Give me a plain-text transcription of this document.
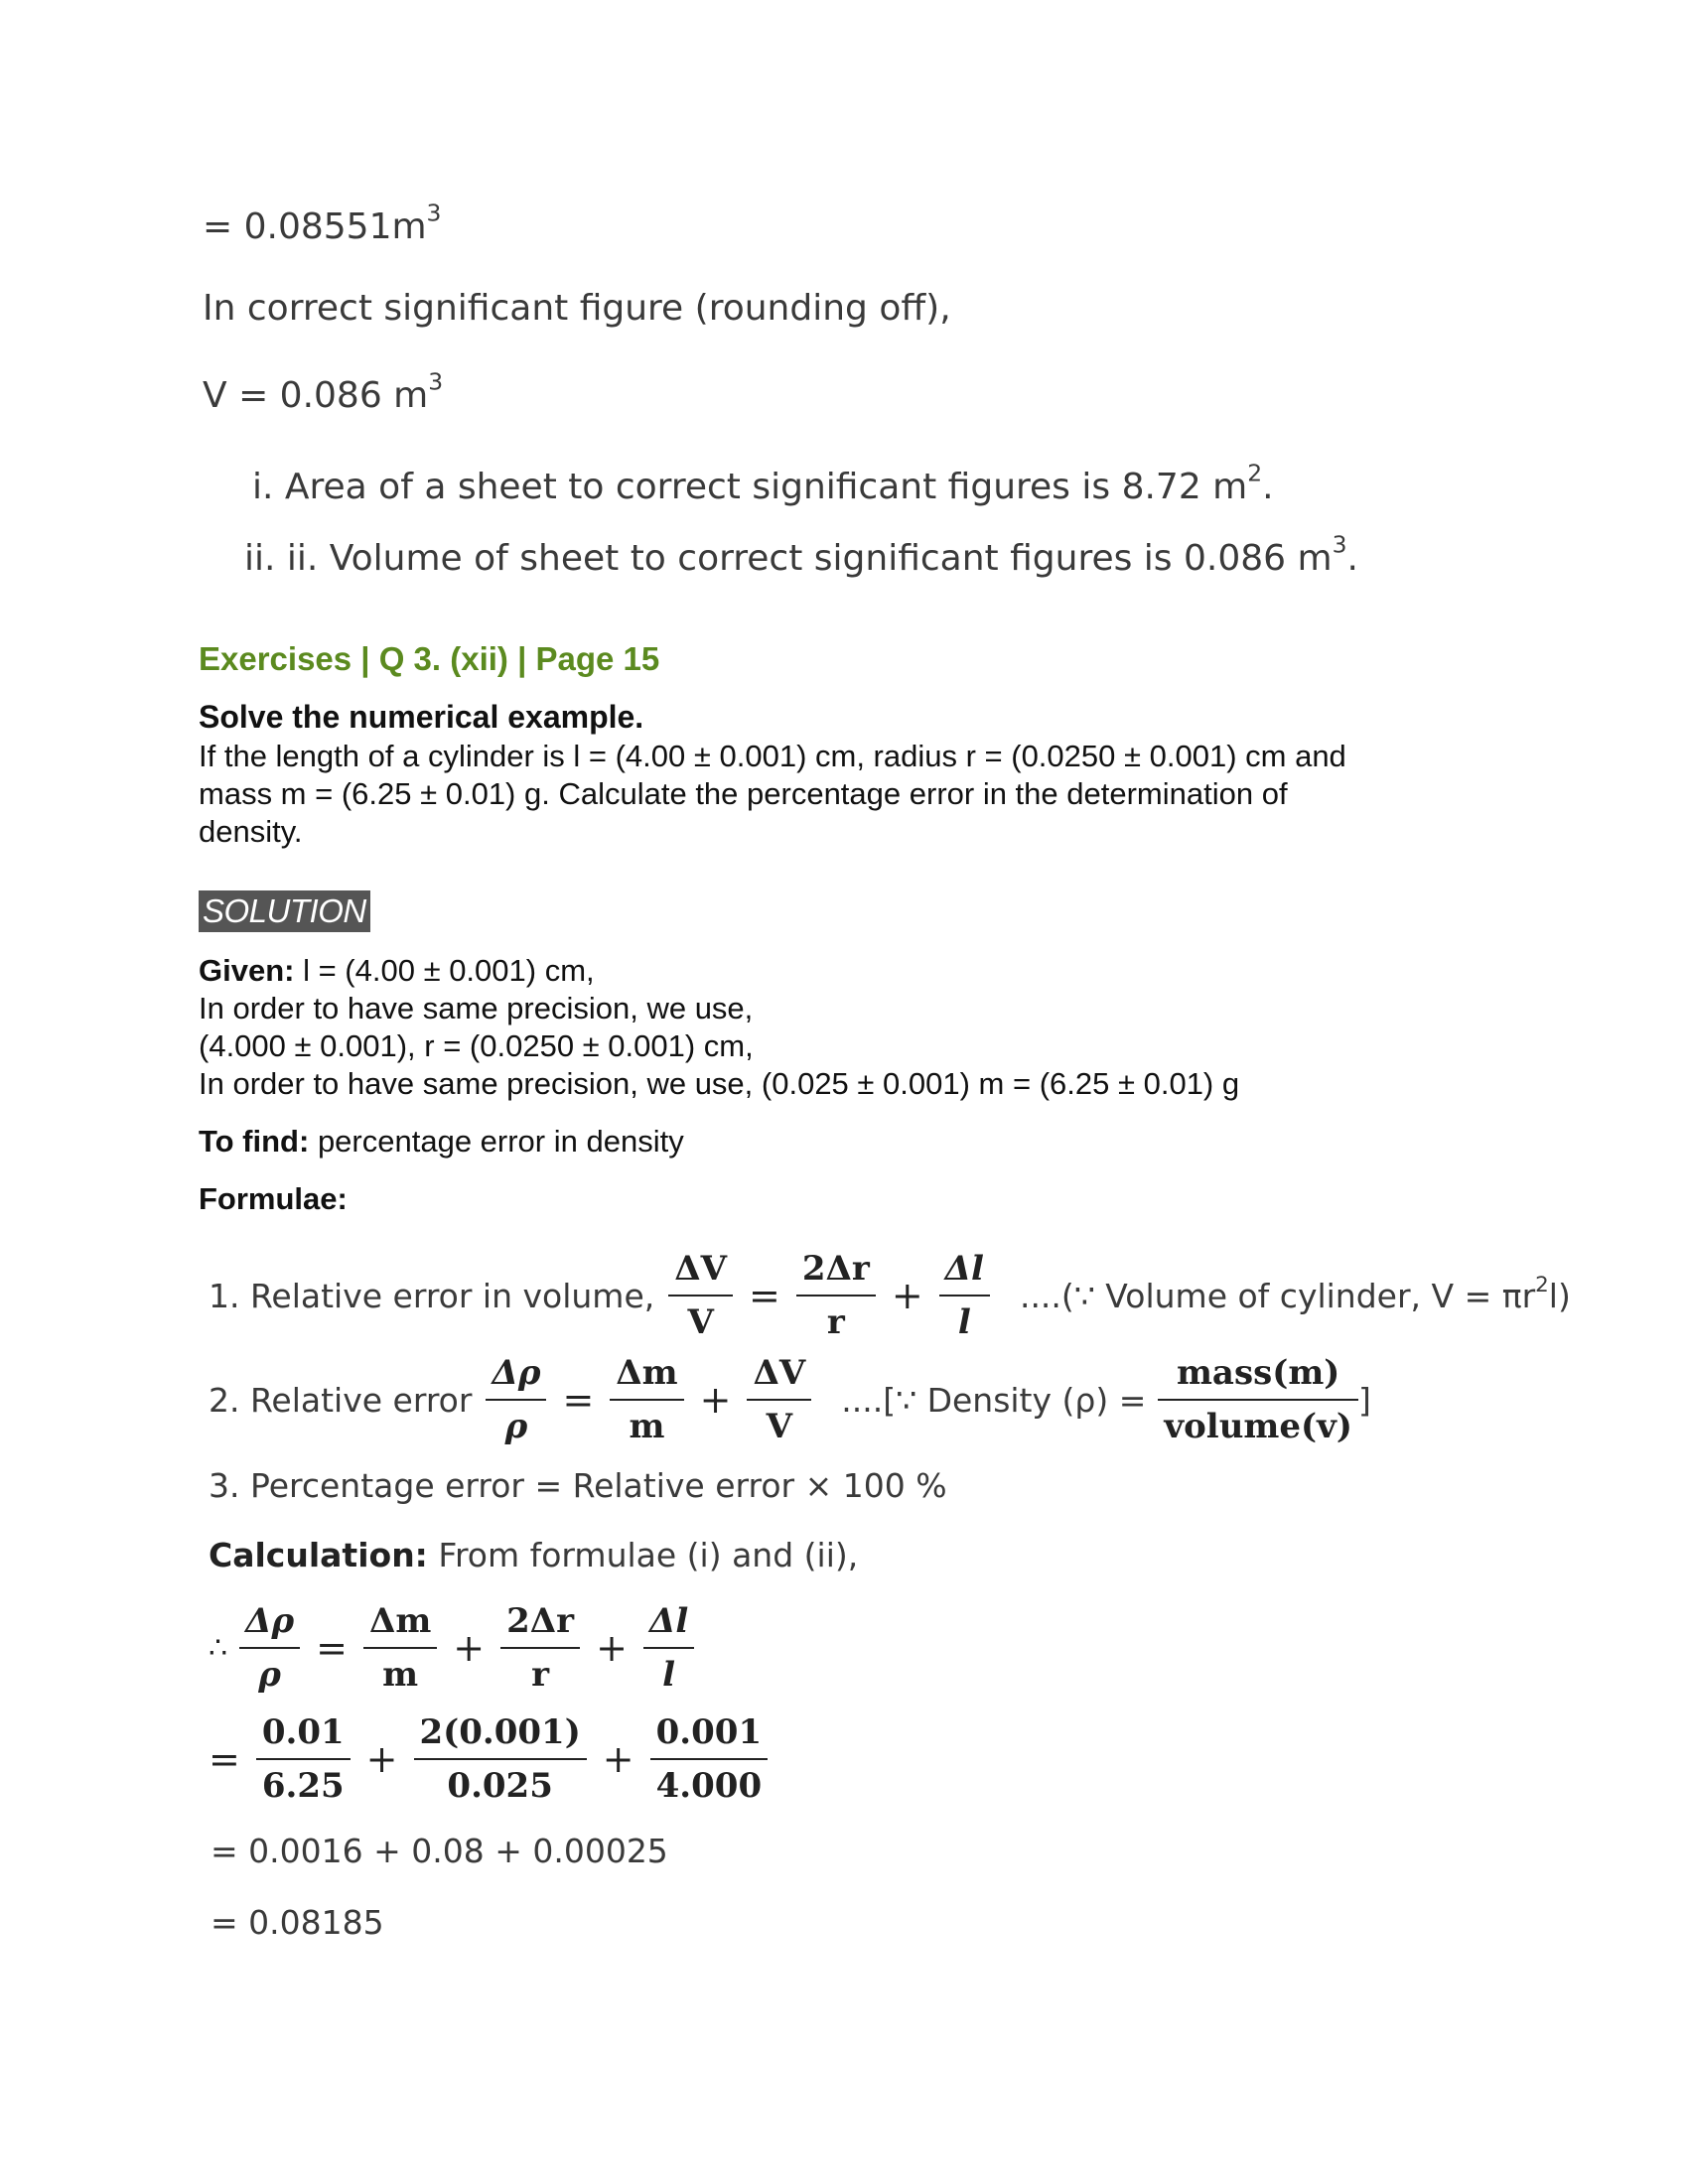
= $0.08551m^3$
In correct significant figure (rounding off),
V = 0.086 $m^3$
i. Area of a sheet to correct significant figures is 8.72 $m^2$.
ii. ii. Volume of sheet to correct significant figures is 0.086 $m^3$.
Exercises | Q 3. (xii) | Page 15
Solve the numerical example.
If the length of a cylinder is l = (4.00 ± 0.001) cm, radius r = (0.0250 ± 0.001) cm and
mass m = (6.25 ± 0.01) g. Calculate the percentage error in the determination of
density.
SOLUTION
Given: l = (4.00 ± 0.001) cm,
In order to have same precision, we use,
(4.000 ± 0.001), r = (0.0250 ± 0.001) cm,
In order to have same precision, we use, (0.025 ± 0.001) m = (6.25 ± 0.01) g
To find: percentage error in density
Formulae:
1. Relative error in volume, $\frac{\Delta V}{V} = \frac{2\Delta r}{r} + \frac{\Delta l}{l}$ ....(∵ Volume of cylinder, $V = \pi r^2l$)
2. Relative error $\frac{\Delta\rho}{\rho} = \frac{\Delta m}{m} + \frac{\Delta V}{V}$ ....[∵ Density $(\rho) = \frac{\text{mass(m)}}{\text{volume(v)}}$ ]
3. Percentage error = Relative error × 100 %
Calculation: From formulae (i) and (ii),
∴ $\frac{\Delta\rho}{\rho} = \frac{\Delta m}{m} + \frac{2\Delta r}{r} + \frac{\Delta l}{l}$
= $\frac{0.01}{6.25} + \frac{2(0.001)}{0.025} + \frac{0.001}{4.000}$
= 0.0016 + 0.08 + 0.00025
= 0.08185
